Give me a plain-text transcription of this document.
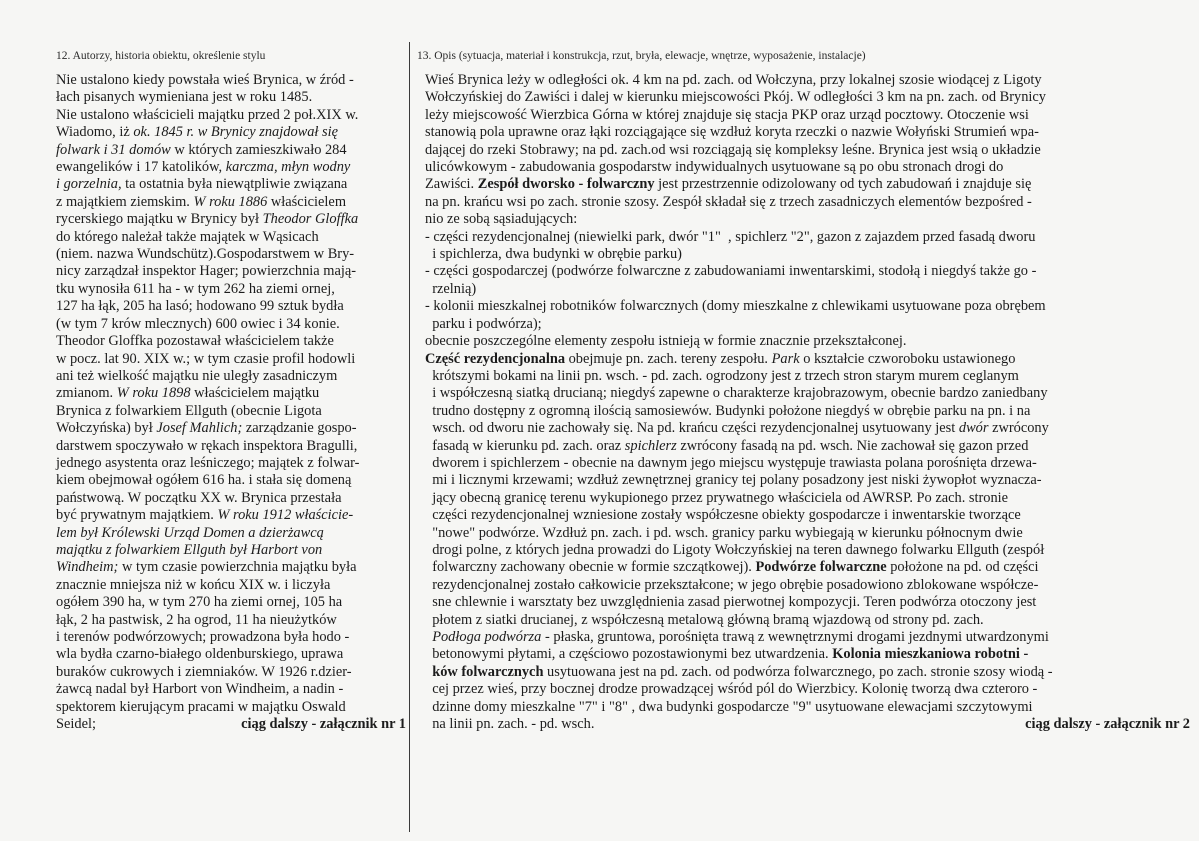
12. Autorzy, historia obiektu, określenie stylu
Nie ustalono kiedy powstała wieś Brynica, w źród -
łach pisanych wymieniana jest w roku 1485.
Nie ustalono właścicieli majątku przed 2 poł.XIX w.
Wiadomo, iż ok. 1845 r. w Brynicy znajdował się
folwark i 31 domów w których zamieszkiwało 284
ewangelików i 17 katolików, karczma, młyn wodny
i gorzelnia, ta ostatnia była niewątpliwie związana
z majątkiem ziemskim. W roku 1886 właścicielem
rycerskiego majątku w Brynicy był Theodor Gloffka
do którego należał także majątek w Wąsicach
(niem. nazwa Wundschütz).Gospodarstwem w Bry-
nicy zarządzał inspektor Hager; powierzchnia mają-
tku wynosiła 611 ha - w tym 262 ha ziemi ornej,
127 ha łąk, 205 ha lasó; hodowano 99 sztuk bydła
(w tym 7 krów mlecznych) 600 owiec i 34 konie.
Theodor Gloffka pozostawał właścicielem także
w pocz. lat 90. XIX w.; w tym czasie profil hodowli
ani też wielkość majątku nie uległy zasadniczym
zmianom. W roku 1898 właścicielem majątku
Brynica z folwarkiem Ellguth (obecnie Ligota
Wołczyńska) był Josef Mahlich; zarządzanie gospo-
darstwem spoczywało w rękach inspektora Bragulli,
jednego asystenta oraz leśniczego; majątek z folwar-
kiem obejmował ogółem 616 ha. i stała się domeną
państwową. W początku XX w. Brynica przestała
być prywatnym majątkiem. W roku 1912 właścicie-
lem był Królewski Urząd Domen a dzierżawcą
majątku z folwarkiem Ellguth był Harbort von
Windheim; w tym czasie powierzchnia majątku była
znacznie mniejsza niż w końcu XIX w. i liczyła
ogółem 390 ha, w tym 270 ha ziemi ornej, 105 ha
łąk, 2 ha pastwisk, 2 ha ogrod, 11 ha nieużytków
i terenów podwórzowych; prowadzona była hodo -
wla bydła czarno-białego oldenburskiego, uprawa
buraków cukrowych i ziemniaków. W 1926 r.dzier-
żawcą nadal był Harbort von Windheim, a nadin -
spektorem kierującym pracami w majątku Oswald
Seidel;	ciąg dalszy - załącznik nr 1
13. Opis (sytuacja, materiał i konstrukcja, rzut, bryła, elewacje, wnętrze, wyposażenie, instalacje)
Wieś Brynica leży w odległości ok. 4 km na pd. zach. od Wołczyna, przy lokalnej szosie wiodącej z Ligoty
Wołczyńskiej do Zawiści i dalej w kierunku miejscowości Pkój. W odległości 3 km na pn. zach. od Brynicy
leży miejscowość Wierzbica Górna w której znajduje się stacja PKP oraz urząd pocztowy. Otoczenie wsi
stanowią pola uprawne oraz łąki rozciągające się wzdłuż koryta rzeczki o nazwie Wołyński Strumień wpa-
dającej do rzeki Stobrawy; na pd. zach.od wsi rozciągają się kompleksy leśne. Brynica jest wsią o układzie
ulicówkowym - zabudowania gospodarstw indywidualnych usytuowane są po obu stronach drogi do
Zawiści. Zespół dworsko - folwarczny jest przestrzennie odizolowany od tych zabudowań i znajduje się
na pn. krańcu wsi po zach. stronie szosy. Zespół składał się z trzech zasadniczych elementów bezpośred -
nio ze sobą sąsiadujących:
- części rezydencjonalnej (niewielki park, dwór "1"  , spichlerz "2", gazon z zajazdem przed fasadą dworu
i spichlerza, dwa budynki w obrębie parku)
- części gospodarczej (podwórze folwarczne z zabudowaniami inwentarskimi, stodołą i niegdyś także go -
rzelnią)
- kolonii mieszkalnej robotników folwarcznych (domy mieszkalne z chlewikami usytuowane poza obrębem
parku i podwórza);
obecnie poszczególne elementy zespołu istnieją w formie znacznie przekształconej.
Część rezydencjonalna obejmuje pn. zach. tereny zespołu. Park o kształcie czworoboku ustawionego
krótszymi bokami na linii pn. wsch. - pd. zach. ogrodzony jest z trzech stron starym murem ceglanym
i współczesną siatką drucianą; niegdyś zapewne o charakterze krajobrazowym, obecnie bardzo zaniedbany
trudno dostępny z ogromną ilością samosiewów. Budynki położone niegdyś w obrębie parku na pn. i na
wsch. od dworu nie zachowały się. Na pd. krańcu części rezydencjonalnej usytuowany jest dwór zwrócony
fasadą w kierunku pd. zach. oraz spichlerz zwrócony fasadą na pd. wsch. Nie zachował się gazon przed
dworem i spichlerzem - obecnie na dawnym jego miejscu występuje trawiasta polana porośnięta drzewa-
mi i licznymi krzewami; wzdłuż zewnętrznej granicy tej polany posadzony jest niski żywopłot wyznacza-
jący obecną granicę terenu wykupionego przez prywatnego właściciela od AWRSP. Po zach. stronie
części rezydencjonalnej wzniesione zostały współczesne obiekty gospodarcze i inwentarskie tworzące
"nowe" podwórze. Wzdłuż pn. zach. i pd. wsch. granicy parku wybiegają w kierunku północnym dwie
drogi polne, z których jedna prowadzi do Ligoty Wołczyńskiej na teren dawnego folwarku Ellguth (zespół
folwarczny zachowany obecnie w formie szczątkowej). Podwórze folwarczne położone na pd. od części
rezydencjonalnej zostało całkowicie przekształcone; w jego obrębie posadowiono zblokowane współcze-
sne chlewnie i warsztaty bez uwzględnienia zasad pierwotnej kompozycji. Teren podwórza otoczony jest
płotem z siatki drucianej, z współczesną metalową główną bramą wjazdową od strony pd. zach.
Podłoga podwórza - płaska, gruntowa, porośnięta trawą z wewnętrznymi drogami jezdnymi utwardzonymi
betonowymi płytami, a częściowo pozostawionymi bez utwardzenia. Kolonia mieszkaniowa robotni -
ków folwarcznych usytuowana jest na pd. zach. od podwórza folwarcznego, po zach. stronie szosy wiodą -
cej przez wieś, przy bocznej drodze prowadzącej wśród pól do Wierzbicy. Kolonię tworzą dwa czteroro -
dzinne domy mieszkalne "7" i "8" , dwa budynki gospodarcze "9" usytuowane elewacjami szczytowymi
na linii pn. zach. - pd. wsch.	ciąg dalszy - załącznik nr 2
